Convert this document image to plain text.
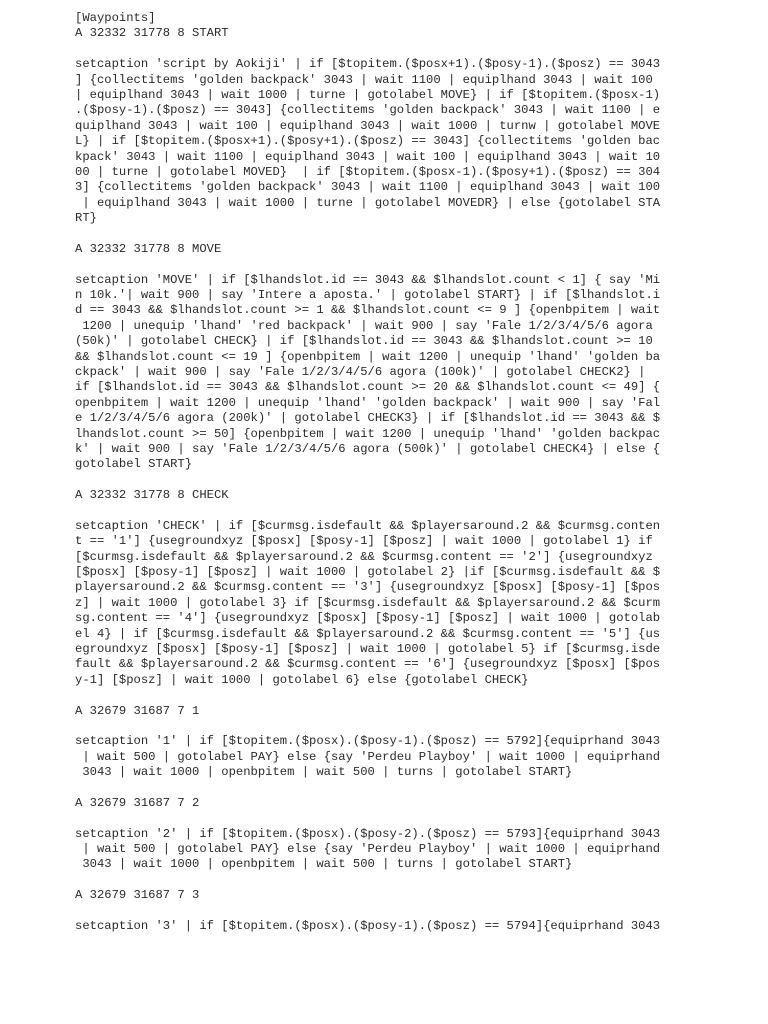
[Waypoints]
A 32332 31778 8 START
setcaption 'script by Aokiji' | if [$topitem.($posx+1).($posy-1).($posz) == 3043
] {collectitems 'golden backpack' 3043 | wait 1100 | equiplhand 3043 | wait 100
| equiplhand 3043 | wait 1000 | turne | gotolabel MOVE} | if [$topitem.($posx-1)
.($posy-1).($posz) == 3043] {collectitems 'golden backpack' 3043 | wait 1100 | e
quiplhand 3043 | wait 100 | equiplhand 3043 | wait 1000 | turnw | gotolabel MOVE
L} | if [$topitem.($posx+1).($posy+1).($posz) == 3043] {collectitems 'golden bac
kpack' 3043 | wait 1100 | equiplhand 3043 | wait 100 | equiplhand 3043 | wait 10
00 | turne | gotolabel MOVED}  | if [$topitem.($posx-1).($posy+1).($posz) == 304
3] {collectitems 'golden backpack' 3043 | wait 1100 | equiplhand 3043 | wait 100
| equiplhand 3043 | wait 1000 | turne | gotolabel MOVEDR} | else {gotolabel STA
RT}
A 32332 31778 8 MOVE
setcaption 'MOVE' | if [$lhandslot.id == 3043 && $lhandslot.count < 1] { say 'Mi
n 10k.'| wait 900 | say 'Intere a aposta.' | gotolabel START} | if [$lhandslot.i
d == 3043 && $lhandslot.count >= 1 && $lhandslot.count <= 9 ] {openbpitem | wait
1200 | unequip 'lhand' 'red backpack' | wait 900 | say 'Fale 1/2/3/4/5/6 agora
(50k)' | gotolabel CHECK} | if [$lhandslot.id == 3043 && $lhandslot.count >= 10
&& $lhandslot.count <= 19 ] {openbpitem | wait 1200 | unequip 'lhand' 'golden ba
ckpack' | wait 900 | say 'Fale 1/2/3/4/5/6 agora (100k)' | gotolabel CHECK2} |
if [$lhandslot.id == 3043 && $lhandslot.count >= 20 && $lhandslot.count <= 49] {
openbpitem | wait 1200 | unequip 'lhand' 'golden backpack' | wait 900 | say 'Fal
e 1/2/3/4/5/6 agora (200k)' | gotolabel CHECK3} | if [$lhandslot.id == 3043 && $
lhandslot.count >= 50] {openbpitem | wait 1200 | unequip 'lhand' 'golden backpac
k' | wait 900 | say 'Fale 1/2/3/4/5/6 agora (500k)' | gotolabel CHECK4} | else {
gotolabel START}
A 32332 31778 8 CHECK
setcaption 'CHECK' | if [$curmsg.isdefault && $playersaround.2 && $curmsg.conten
t == '1'] {usegroundxyz [$posx] [$posy-1] [$posz] | wait 1000 | gotolabel 1} if
[$curmsg.isdefault && $playersaround.2 && $curmsg.content == '2'] {usegroundxyz
[$posx] [$posy-1] [$posz] | wait 1000 | gotolabel 2} |if [$curmsg.isdefault && $
playersaround.2 && $curmsg.content == '3'] {usegroundxyz [$posx] [$posy-1] [$pos
z] | wait 1000 | gotolabel 3} if [$curmsg.isdefault && $playersaround.2 && $curm
sg.content == '4'] {usegroundxyz [$posx] [$posy-1] [$posz] | wait 1000 | gotolab
el 4} | if [$curmsg.isdefault && $playersaround.2 && $curmsg.content == '5'] {us
egroundxyz [$posx] [$posy-1] [$posz] | wait 1000 | gotolabel 5} if [$curmsg.isde
fault && $playersaround.2 && $curmsg.content == '6'] {usegroundxyz [$posx] [$pos
y-1] [$posz] | wait 1000 | gotolabel 6} else {gotolabel CHECK}
A 32679 31687 7 1
setcaption '1' | if [$topitem.($posx).($posy-1).($posz) == 5792]{equiprhand 3043
| wait 500 | gotolabel PAY} else {say 'Perdeu Playboy' | wait 1000 | equiprhand
3043 | wait 1000 | openbpitem | wait 500 | turns | gotolabel START}
A 32679 31687 7 2
setcaption '2' | if [$topitem.($posx).($posy-2).($posz) == 5793]{equiprhand 3043
| wait 500 | gotolabel PAY} else {say 'Perdeu Playboy' | wait 1000 | equiprhand
3043 | wait 1000 | openbpitem | wait 500 | turns | gotolabel START}
A 32679 31687 7 3
setcaption '3' | if [$topitem.($posx).($posy-1).($posz) == 5794]{equiprhand 3043
